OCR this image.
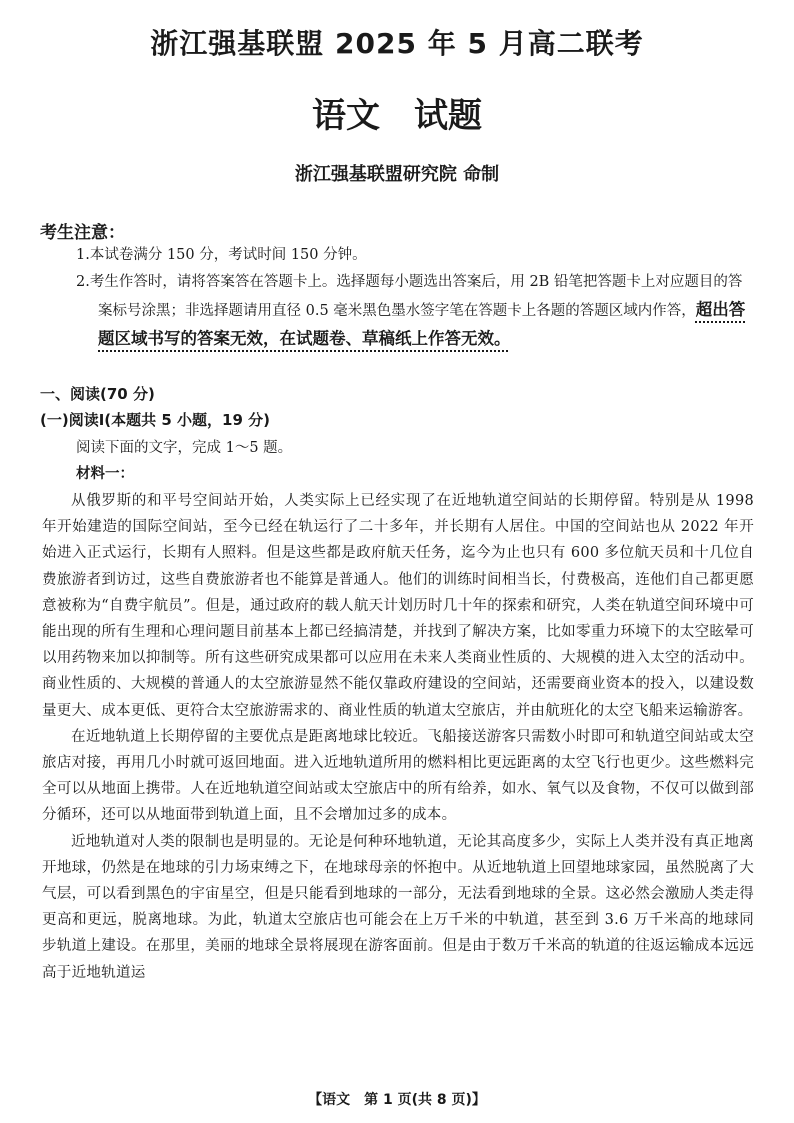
浙江强基联盟 2025 年 5 月高二联考
语文　试题
浙江强基联盟研究院 命制
考生注意：
1.本试卷满分 150 分，考试时间 150 分钟。
2.考生作答时，请将答案答在答题卡上。选择题每小题选出答案后，用 2B 铅笔把答题卡上对应题目的答案标号涂黑；非选择题请用直径 0.5 毫米黑色墨水签字笔在答题卡上各题的答题区域内作答，超出答题区域书写的答案无效，在试题卷、草稿纸上作答无效。
一、阅读(70 分)
(一)阅读Ⅰ(本题共 5 小题，19 分)
阅读下面的文字，完成 1～5 题。
材料一：

从俄罗斯的和平号空间站开始，人类实际上已经实现了在近地轨道空间站的长期停留。特别是从 1998 年开始建造的国际空间站，至今已经在轨运行了二十多年，并长期有人居住。中国的空间站也从 2022 年开始进入正式运行，长期有人照料。但是这些都是政府航天任务，迄今为止也只有 600 多位航天员和十几位自费旅游者到访过，这些自费旅游者也不能算是普通人。他们的训练时间相当长，付费极高，连他们自己都更愿意被称为“自费宇航员”。但是，通过政府的载人航天计划历时几十年的探索和研究，人类在轨道空间环境中可能出现的所有生理和心理问题目前基本上都已经搞清楚，并找到了解决方案，比如零重力环境下的太空眩晕可以用药物来加以抑制等。所有这些研究成果都可以应用在未来人类商业性质的、大规模的进入太空的活动中。商业性质的、大规模的普通人的太空旅游显然不能仅靠政府建设的空间站，还需要商业资本的投入，以建设数量更大、成本更低、更符合太空旅游需求的、商业性质的轨道太空旅店，并由航班化的太空飞船来运输游客。

在近地轨道上长期停留的主要优点是距离地球比较近。飞船接送游客只需数小时即可和轨道空间站或太空旅店对接，再用几小时就可返回地面。进入近地轨道所用的燃料相比更远距离的太空飞行也更少。这些燃料完全可以从地面上携带。人在近地轨道空间站或太空旅店中的所有给养，如水、氧气以及食物，不仅可以做到部分循环，还可以从地面带到轨道上面，且不会增加过多的成本。

近地轨道对人类的限制也是明显的。无论是何种环地轨道，无论其高度多少，实际上人类并没有真正地离开地球，仍然是在地球的引力场束缚之下，在地球母亲的怀抱中。从近地轨道上回望地球家园，虽然脱离了大气层，可以看到黑色的宇宙星空，但是只能看到地球的一部分，无法看到地球的全景。这必然会激励人类走得更高和更远，脱离地球。为此，轨道太空旅店也可能会在上万千米的中轨道，甚至到 3.6 万千米高的地球同步轨道上建设。在那里，美丽的地球全景将展现在游客面前。但是由于数万千米高的轨道的往返运输成本远远高于近地轨道运

【语文 第 1 页(共 8 页)】
